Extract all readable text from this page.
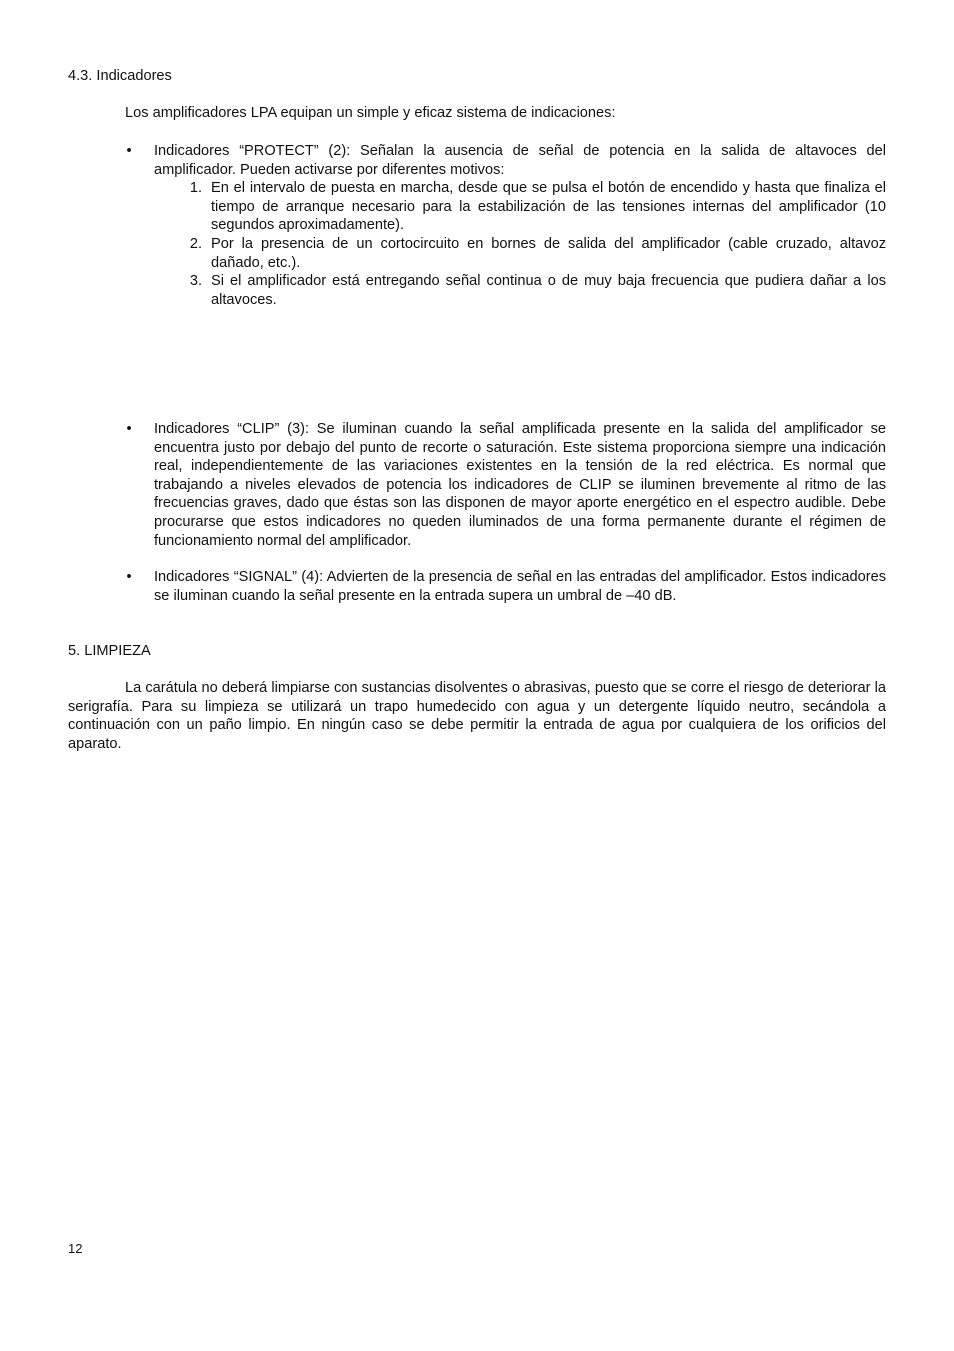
4.3. Indicadores

Los amplificadores LPA equipan un simple y eficaz sistema de indicaciones:

• Indicadores “PROTECT” (2): Señalan la ausencia de señal de potencia en la salida de altavoces del amplificador. Pueden activarse por diferentes motivos:
1. En el intervalo de puesta en marcha, desde que se pulsa el botón de encendido y hasta que finaliza el tiempo de arranque necesario para la estabilización de las tensiones internas del amplificador (10 segundos aproximadamente).
2. Por la presencia de un cortocircuito en bornes de salida del amplificador (cable cruzado, altavoz dañado, etc.).
3. Si el amplificador está entregando señal continua o de muy baja frecuencia que pudiera dañar a los altavoces.
• Indicadores “CLIP” (3): Se iluminan cuando la señal amplificada presente en la salida del amplificador se encuentra justo por debajo del punto de recorte o saturación. Este sistema proporciona siempre una indicación real, independientemente de las variaciones existentes en la tensión de la red eléctrica. Es normal que trabajando a niveles elevados de potencia los indicadores de CLIP se iluminen brevemente al ritmo de las frecuencias graves, dado que éstas son las disponen de mayor aporte energético en el espectro audible. Debe procurarse que estos indicadores no queden iluminados de una forma permanente durante el régimen de funcionamiento normal del amplificador.
• Indicadores “SIGNAL” (4): Advierten de la presencia de señal en las entradas del amplificador. Estos indicadores se iluminan cuando la señal presente en la entrada supera un umbral de –40 dB.
5. LIMPIEZA

La carátula no deberá limpiarse con sustancias disolventes o abrasivas, puesto que se corre el riesgo de deteriorar la serigrafía. Para su limpieza se utilizará un trapo humedecido con agua y un detergente líquido neutro, secándola a continuación con un paño limpio. En ningún caso se debe permitir la entrada de agua por cualquiera de los orificios del aparato.

12
